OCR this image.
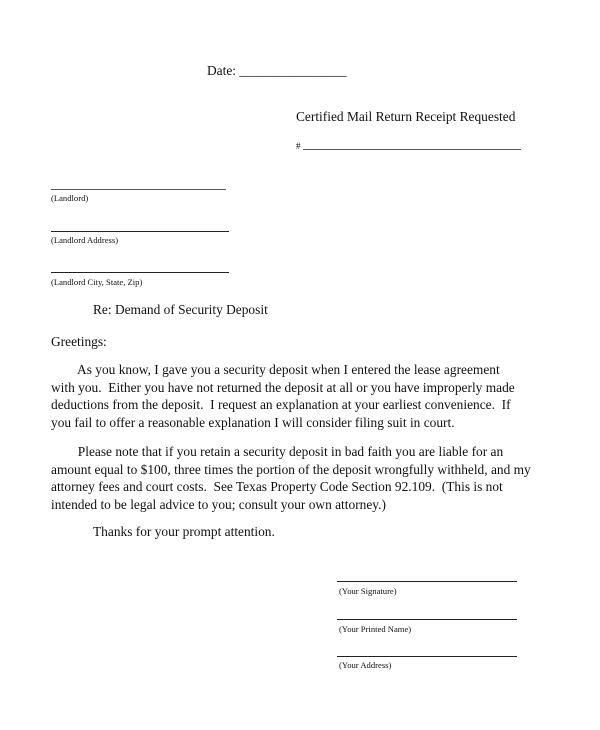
Date: ________________
Certified Mail Return Receipt Requested
#
(Landlord)
(Landlord Address)
(Landlord City, State, Zip)
Re: Demand of Security Deposit
Greetings:
As you know, I gave you a security deposit when I entered the lease agreement
with you.  Either you have not returned the deposit at all or you have improperly made
deductions from the deposit.  I request an explanation at your earliest convenience.  If
you fail to offer a reasonable explanation I will consider filing suit in court.
Please note that if you retain a security deposit in bad faith you are liable for an
amount equal to $100, three times the portion of the deposit wrongfully withheld, and my
attorney fees and court costs.  See Texas Property Code Section 92.109.  (This is not
intended to be legal advice to you; consult your own attorney.)
Thanks for your prompt attention.
(Your Signature)
(Your Printed Name)
(Your Address)
